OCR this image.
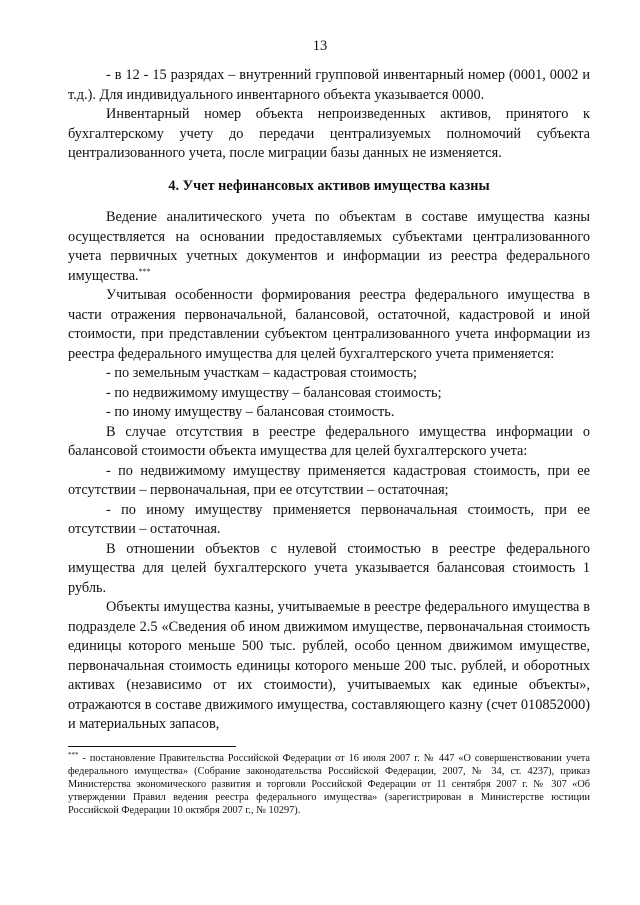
13

- в 12 - 15 разрядах – внутренний групповой инвентарный номер (0001, 0002 и т.д.). Для индивидуального инвентарного объекта указывается 0000.

Инвентарный номер объекта непроизведенных активов, принятого к бухгалтерскому учету до передачи централизуемых полномочий субъекта централизованного учета, после миграции базы данных не изменяется.

4. Учет нефинансовых активов имущества казны

Ведение аналитического учета по объектам в составе имущества казны осуществляется на основании предоставляемых субъектами централизованного учета первичных учетных документов и информации из реестра федерального имущества.***

Учитывая особенности формирования реестра федерального имущества в части отражения первоначальной, балансовой, остаточной, кадастровой и иной стоимости, при представлении субъектом централизованного учета информации из реестра федерального имущества для целей бухгалтерского учета применяется:

- по земельным участкам – кадастровая стоимость;

- по недвижимому имуществу – балансовая стоимость;

- по иному имуществу – балансовая стоимость.

В случае отсутствия в реестре федерального имущества информации о балансовой стоимости объекта имущества для целей бухгалтерского учета:

- по недвижимому имуществу применяется кадастровая стоимость, при ее отсутствии – первоначальная, при ее отсутствии – остаточная;

- по иному имуществу применяется первоначальная стоимость, при ее отсутствии – остаточная.

В отношении объектов с нулевой стоимостью в реестре федерального имущества для целей бухгалтерского учета указывается балансовая стоимость 1 рубль.

Объекты имущества казны, учитываемые в реестре федерального имущества в подразделе 2.5 «Сведения об ином движимом имуществе, первоначальная стоимость единицы которого меньше 500 тыс. рублей, особо ценном движимом имуществе, первоначальная стоимость единицы которого меньше 200 тыс. рублей, и оборотных активах (независимо от их стоимости), учитываемых как единые объекты», отражаются в составе движимого имущества, составляющего казну (счет 010852000) и материальных запасов,

*** - постановление Правительства Российской Федерации от 16 июля 2007 г. № 447 «О совершенствовании учета федерального имущества» (Собрание законодательства Российской Федерации, 2007, № 34, ст. 4237), приказ Министерства экономического развития и торговли Российской Федерации от 11 сентября 2007 г. № 307 «Об утверждении Правил ведения реестра федерального имущества» (зарегистрирован в Министерстве юстиции Российской Федерации 10 октября 2007 г., № 10297).
